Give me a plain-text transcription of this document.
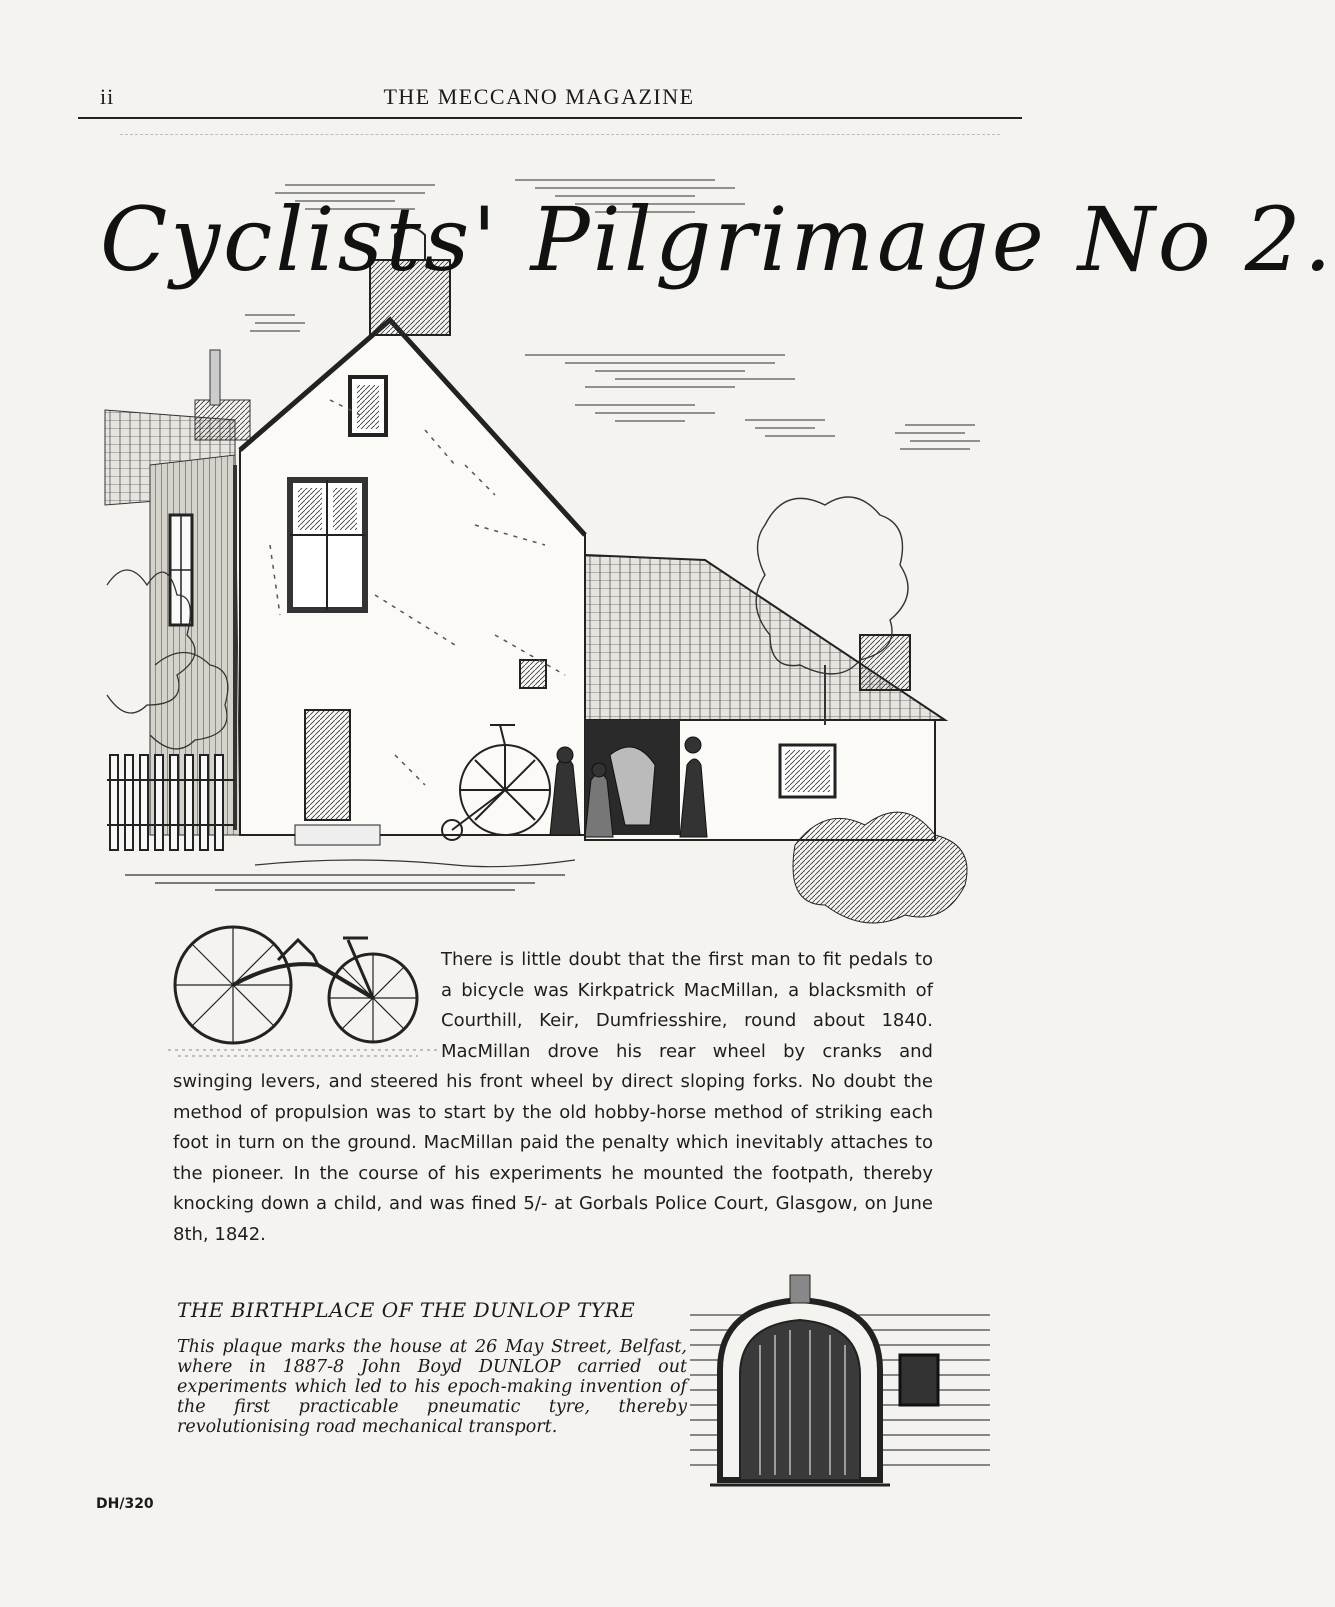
ii	THE MECCANO MAGAZINE
Cyclists' Pilgrimage No 2.
There is little doubt that the first man to fit pedals to a bicycle was Kirkpatrick MacMillan, a blacksmith of Courthill, Keir, Dumfriesshire, round about 1840. MacMillan drove his rear wheel by cranks and swinging levers, and steered his front wheel by direct sloping forks. No doubt the method of propulsion was to start by the old hobby-horse method of striking each foot in turn on the ground. MacMillan paid the penalty which inevitably attaches to the pioneer. In the course of his experiments he mounted the footpath, thereby knocking down a child, and was fined 5/- at Gorbals Police Court, Glasgow, on June 8th, 1842.
THE BIRTHPLACE OF THE DUNLOP TYRE
This plaque marks the house at 26 May Street, Belfast, where in 1887-8 John Boyd DUNLOP carried out experiments which led to his epoch-making invention of the first practicable pneumatic tyre, thereby revolutionising road mechanical transport.
DH/320
